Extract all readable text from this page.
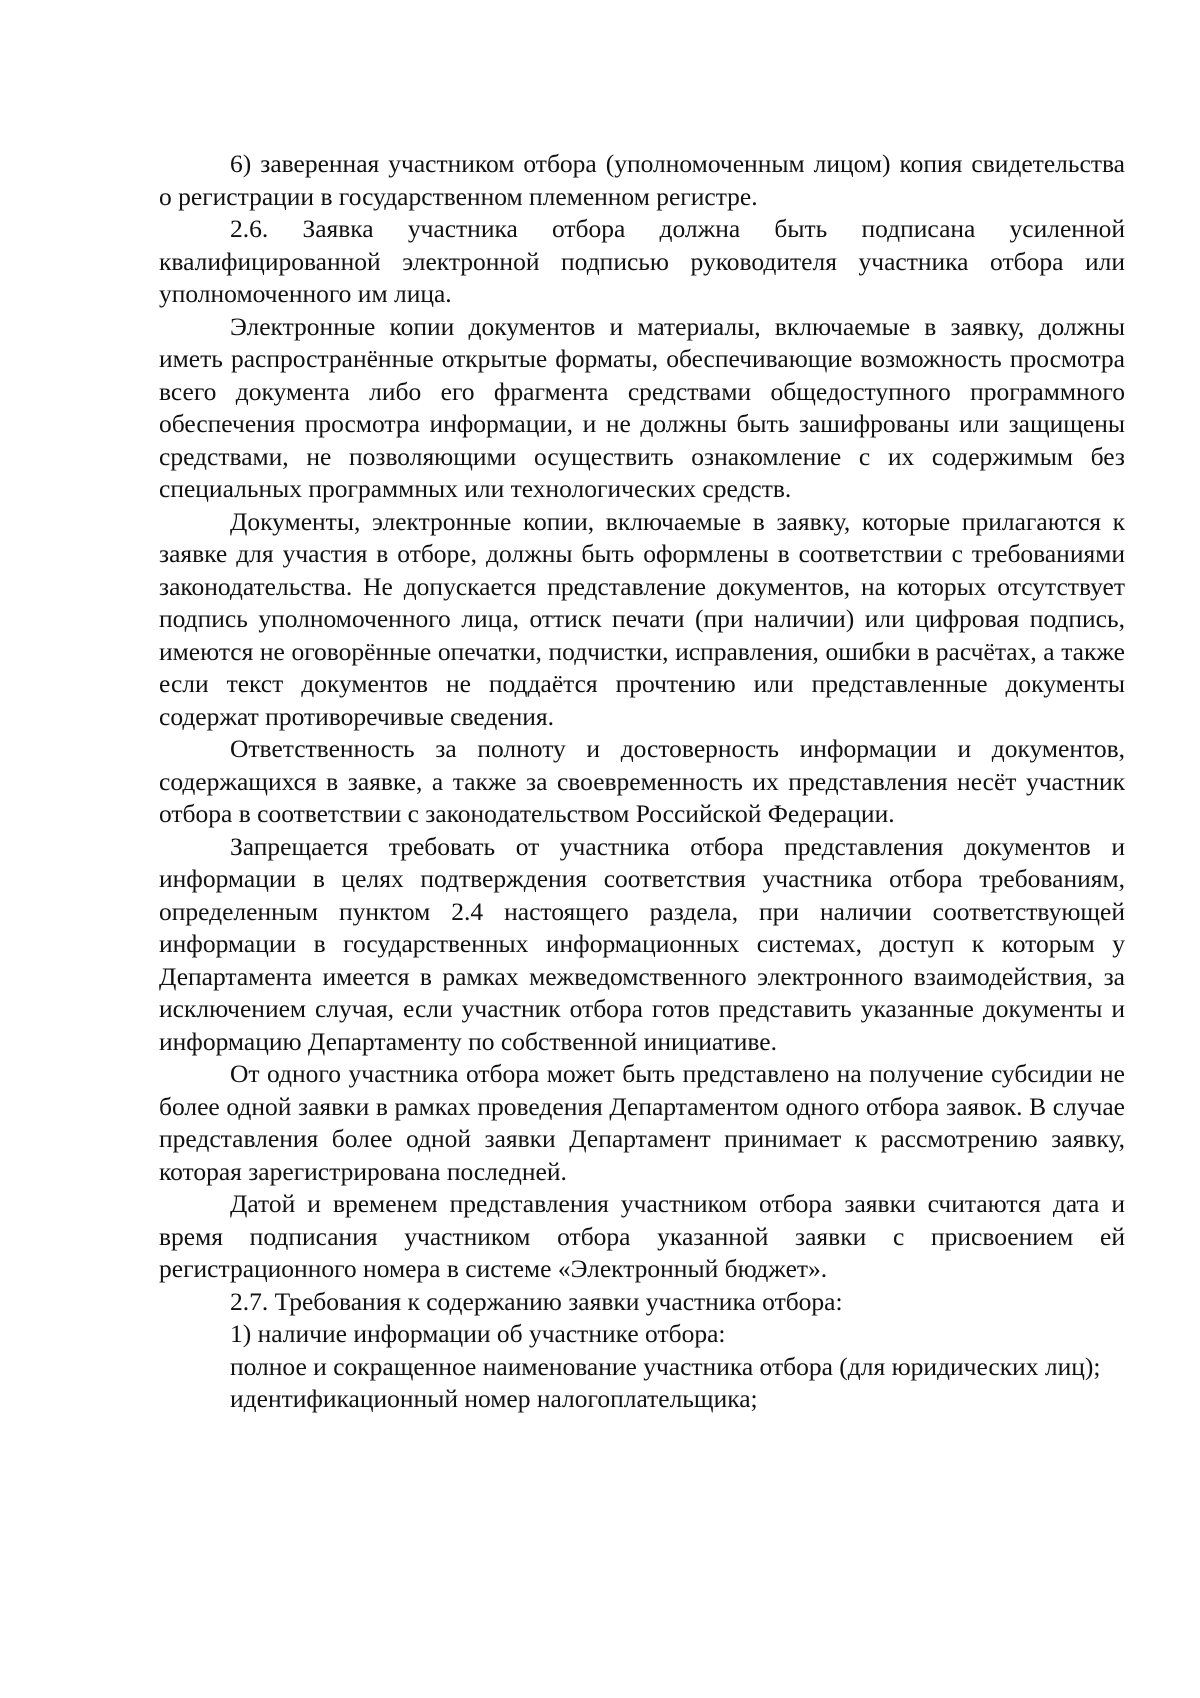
6) заверенная участником отбора (уполномоченным лицом) копия свидетельства о регистрации в государственном племенном регистре.

2.6. Заявка участника отбора должна быть подписана усиленной квалифицированной электронной подписью руководителя участника отбора или уполномоченного им лица.

Электронные копии документов и материалы, включаемые в заявку, должны иметь распространённые открытые форматы, обеспечивающие возможность просмотра всего документа либо его фрагмента средствами общедоступного программного обеспечения просмотра информации, и не должны быть зашифрованы или защищены средствами, не позволяющими осуществить ознакомление с их содержимым без специальных программных или технологических средств.

Документы, электронные копии, включаемые в заявку, которые прилагаются к заявке для участия в отборе, должны быть оформлены в соответствии с требованиями законодательства. Не допускается представление документов, на которых отсутствует подпись уполномоченного лица, оттиск печати (при наличии) или цифровая подпись, имеются не оговорённые опечатки, подчистки, исправления, ошибки в расчётах, а также если текст документов не поддаётся прочтению или представленные документы содержат противоречивые сведения.

Ответственность за полноту и достоверность информации и документов, содержащихся в заявке, а также за своевременность их представления несёт участник отбора в соответствии с законодательством Российской Федерации.

Запрещается требовать от участника отбора представления документов и информации в целях подтверждения соответствия участника отбора требованиям, определенным пунктом 2.4 настоящего раздела, при наличии соответствующей информации в государственных информационных системах, доступ к которым у Департамента имеется в рамках межведомственного электронного взаимодействия, за исключением случая, если участник отбора готов представить указанные документы и информацию Департаменту по собственной инициативе.

От одного участника отбора может быть представлено на получение субсидии не более одной заявки в рамках проведения Департаментом одного отбора заявок. В случае представления более одной заявки Департамент принимает к рассмотрению заявку, которая зарегистрирована последней.

Датой и временем представления участником отбора заявки считаются дата и время подписания участником отбора указанной заявки с присвоением ей регистрационного номера в системе «Электронный бюджет».

2.7. Требования к содержанию заявки участника отбора:

1) наличие информации об участнике отбора:

полное и сокращенное наименование участника отбора (для юридических лиц);

идентификационный номер налогоплательщика;
